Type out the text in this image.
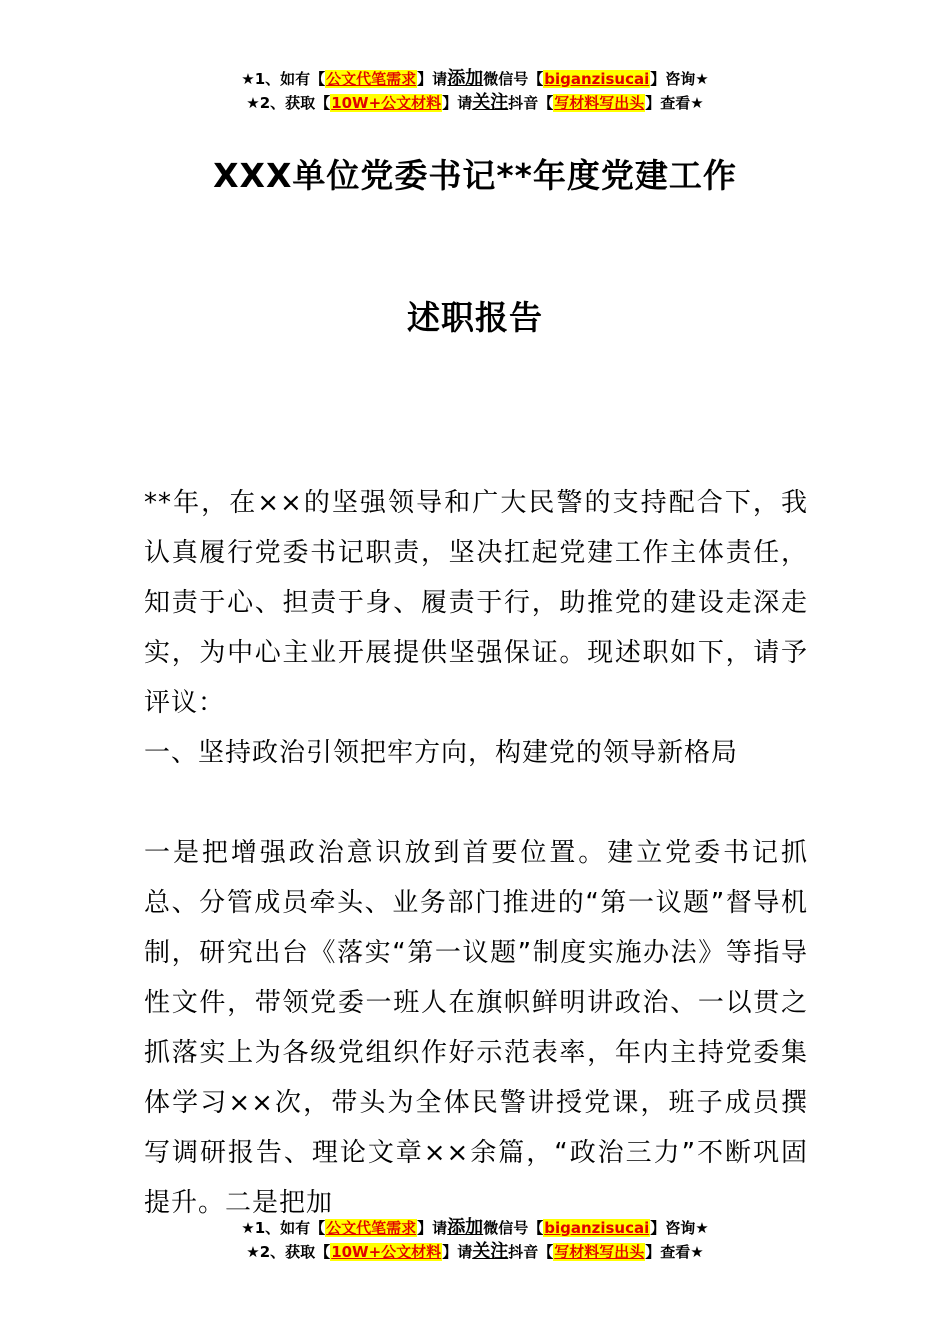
★1、如有【公文代笔需求】请添加微信号【biganzisucai】咨询★
★2、获取【10W+公文材料】请关注抖音【写材料写出头】查看★
XXX单位党委书记**年度党建工作
述职报告
**年，在××的坚强领导和广大民警的支持配合下，我认真履行党委书记职责，坚决扛起党建工作主体责任，知责于心、担责于身、履责于行，助推党的建设走深走实，为中心主业开展提供坚强保证。现述职如下，请予评议：
一、坚持政治引领把牢方向，构建党的领导新格局
一是把增强政治意识放到首要位置。建立党委书记抓总、分管成员牵头、业务部门推进的“第一议题”督导机制，研究出台《落实“第一议题”制度实施办法》等指导性文件，带领党委一班人在旗帜鲜明讲政治、一以贯之抓落实上为各级党组织作好示范表率，年内主持党委集体学习××次，带头为全体民警讲授党课，班子成员撰写调研报告、理论文章××余篇，“政治三力”不断巩固提升。二是把加
★1、如有【公文代笔需求】请添加微信号【biganzisucai】咨询★
★2、获取【10W+公文材料】请关注抖音【写材料写出头】查看★
